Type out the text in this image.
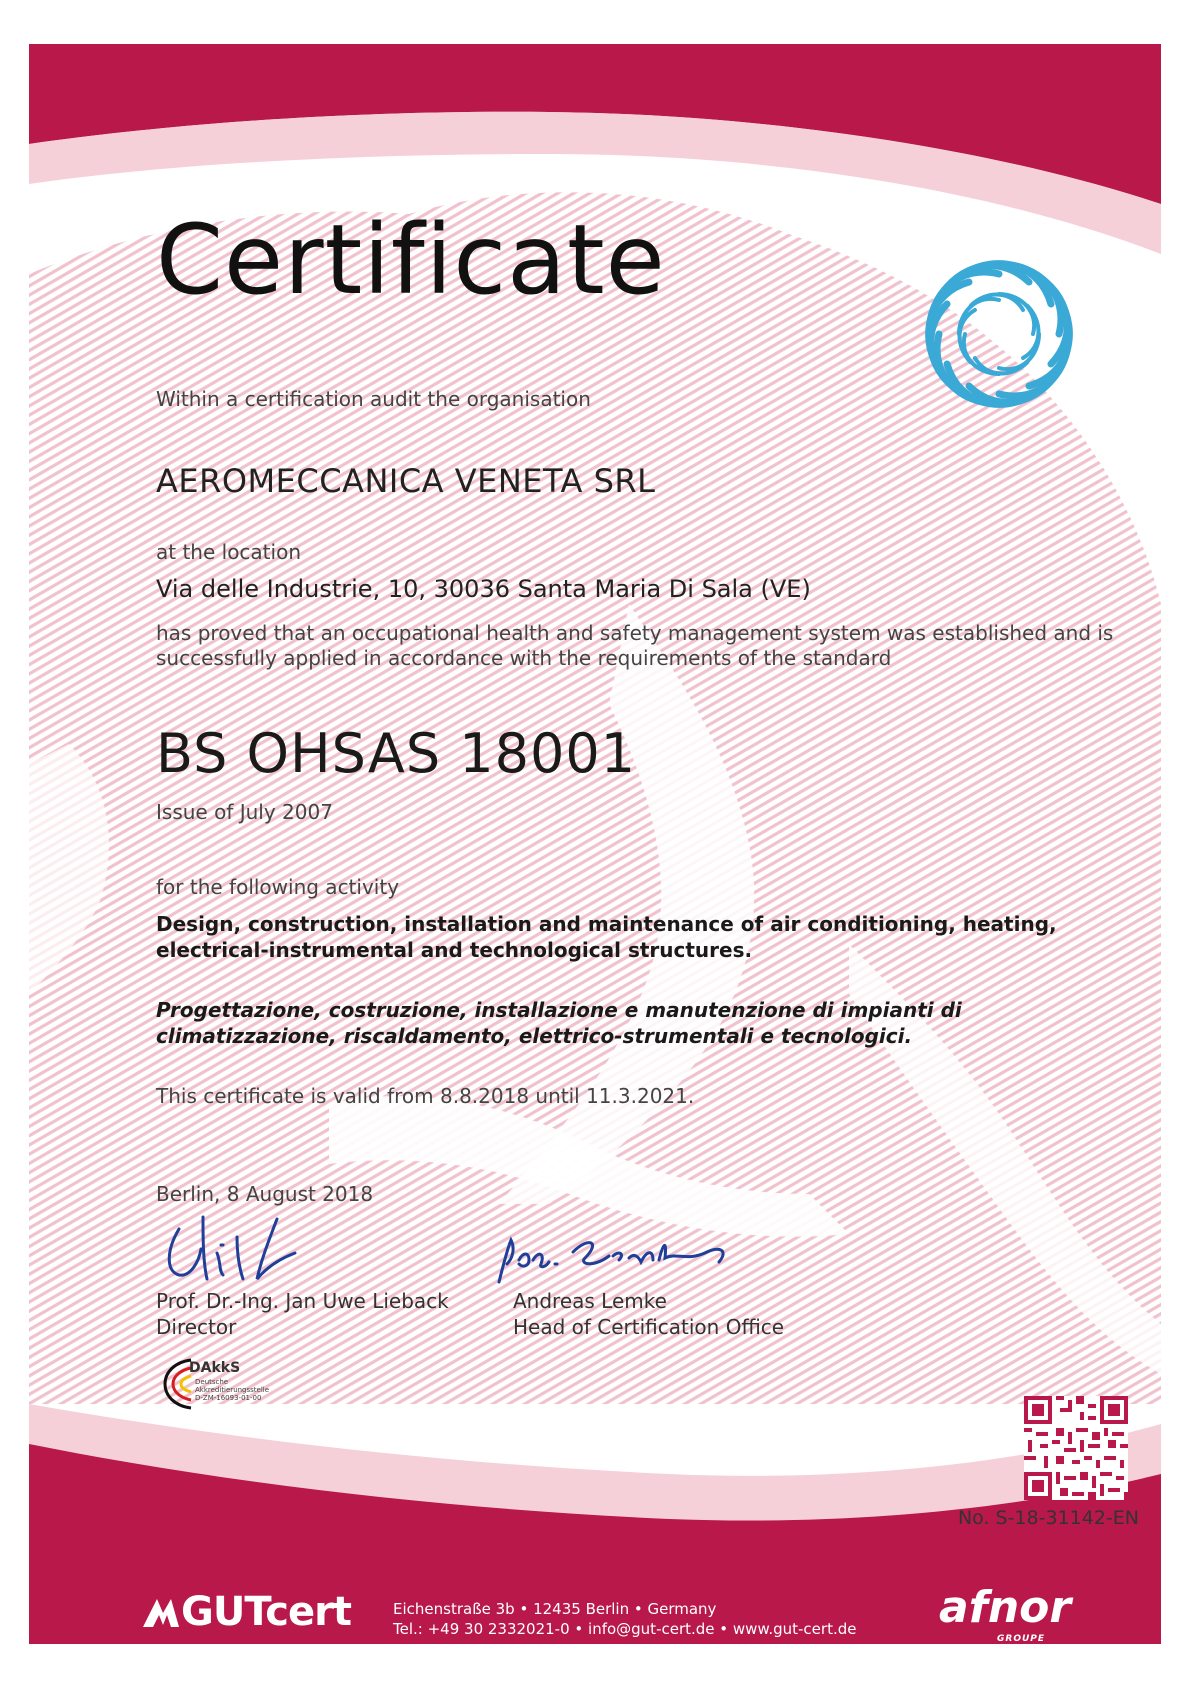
Certificate
Within a certification audit the organisation
AEROMECCANICA VENETA SRL
at the location
Via delle Industrie, 10, 30036 Santa Maria Di Sala (VE)
has proved that an occupational health and safety management system was established and is successfully applied in accordance with the requirements of the standard
BS OHSAS 18001
Issue of July 2007
for the following activity
Design, construction, installation and maintenance of air conditioning, heating, electrical-instrumental and technological structures.
Progettazione, costruzione, installazione e manutenzione di impianti di climatizzazione, riscaldamento, elettrico-strumentali e tecnologici.
This certificate is valid from 8.8.2018 until 11.3.2021.
Berlin, 8 August 2018
Prof. Dr.-Ing. Jan Uwe Lieback
Director
Andreas Lemke
Head of Certification Office
DAkkS
Deutsche
Akkreditierungsstelle
D-ZM-16093-01-00
No. S-18-31142-EN
GUTcert	Eichenstraße 3b • 12435 Berlin • Germany
Tel.: +49 30 2332021-0 • info@gut-cert.de • www.gut-cert.de afnor
GROUPE
